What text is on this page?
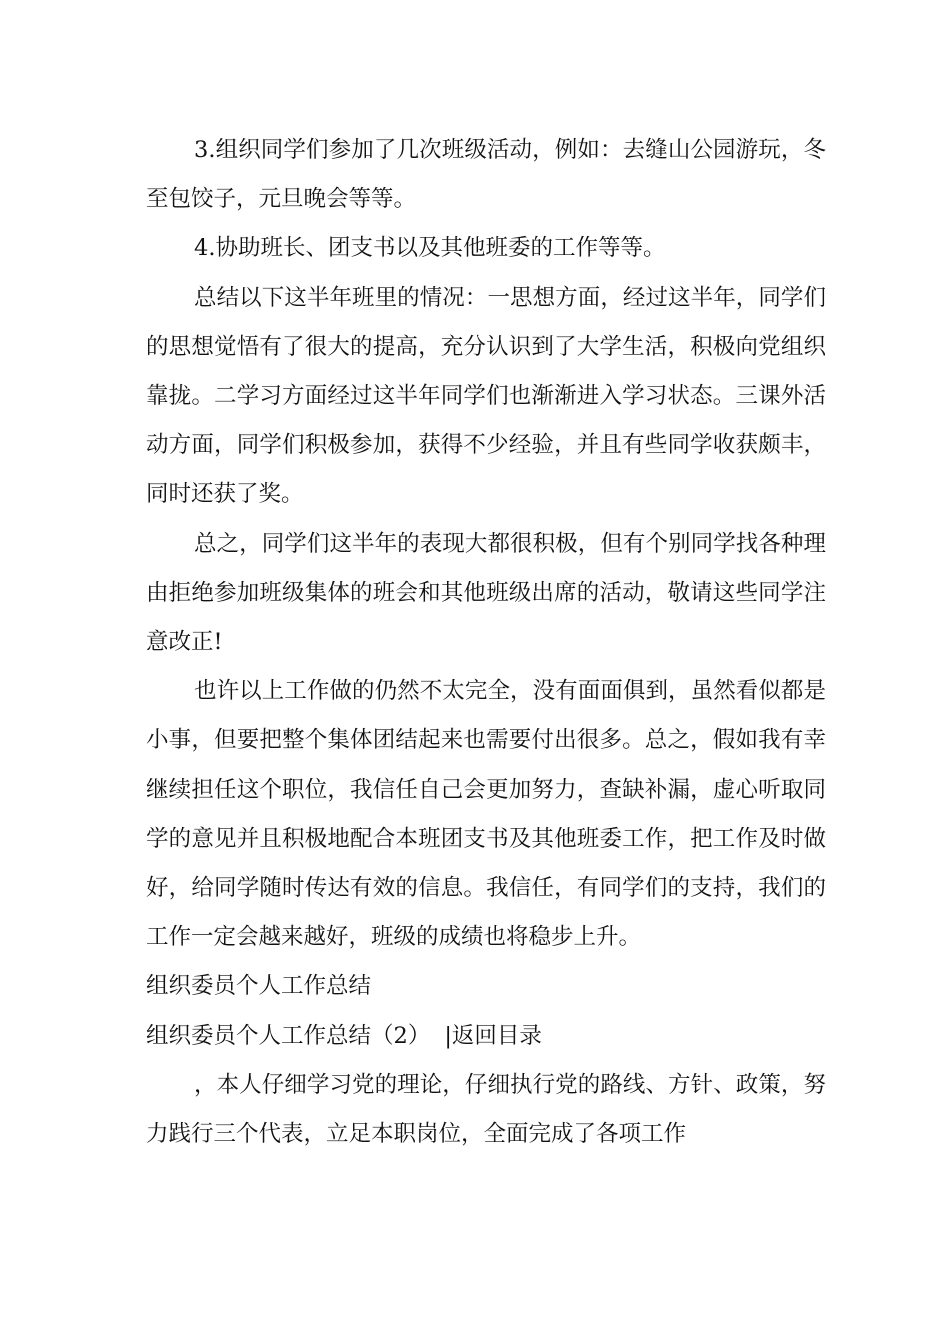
3.组织同学们参加了几次班级活动，例如：去缝山公园游玩，冬至包饺子，元旦晚会等等。

4.协助班长、团支书以及其他班委的工作等等。

总结以下这半年班里的情况：一思想方面，经过这半年，同学们的思想觉悟有了很大的提高，充分认识到了大学生活，积极向党组织靠拢。二学习方面经过这半年同学们也渐渐进入学习状态。三课外活动方面，同学们积极参加，获得不少经验，并且有些同学收获颇丰，同时还获了奖。

总之，同学们这半年的表现大都很积极，但有个别同学找各种理由拒绝参加班级集体的班会和其他班级出席的活动，敬请这些同学注意改正!

也许以上工作做的仍然不太完全，没有面面俱到，虽然看似都是小事，但要把整个集体团结起来也需要付出很多。总之，假如我有幸继续担任这个职位，我信任自己会更加努力，查缺补漏，虚心听取同学的意见并且积极地配合本班团支书及其他班委工作，把工作及时做好，给同学随时传达有效的信息。我信任，有同学们的支持，我们的工作一定会越来越好，班级的成绩也将稳步上升。

组织委员个人工作总结

组织委员个人工作总结（2） |返回目录

，本人仔细学习党的理论，仔细执行党的路线、方针、政策，努力践行三个代表，立足本职岗位，全面完成了各项工作
